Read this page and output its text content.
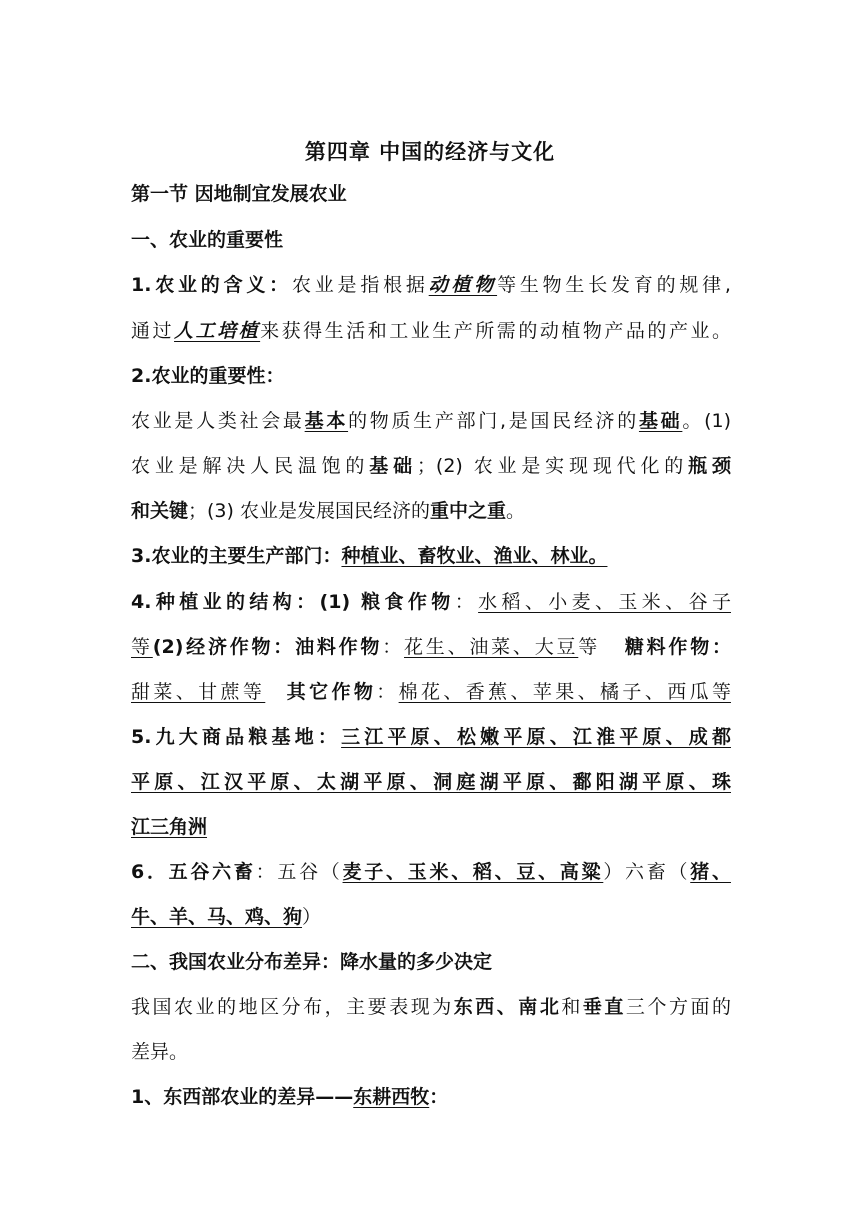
第四章 中国的经济与文化
第一节 因地制宜发展农业
一、农业的重要性
1.农业的含义：农业是指根据动植物等生物生长发育的规律,
通过人工培植来获得生活和工业生产所需的动植物产品的产业。
2.农业的重要性：
农业是人类社会最基本的物质生产部门,是国民经济的基础。(1)
农业是解决人民温饱的基础；(2) 农业是实现现代化的瓶颈
和关键；(3) 农业是发展国民经济的重中之重。
3.农业的主要生产部门：种植业、畜牧业、渔业、林业。
4.种植业的结构：(1) 粮食作物：水稻、小麦、玉米、谷子
等(2)经济作物：油料作物：花生、油菜、大豆等 糖料作物：
甜菜、甘蔗等 其它作物：棉花、香蕉、苹果、橘子、西瓜等
5.九大商品粮基地：三江平原、松嫩平原、江淮平原、成都
平原、江汉平原、太湖平原、洞庭湖平原、鄱阳湖平原、珠
江三角洲
6．五谷六畜：五谷（麦子、玉米、稻、豆、高粱）六畜（猪、
牛、羊、马、鸡、狗）
二、我国农业分布差异：降水量的多少决定
我国农业的地区分布，主要表现为东西、南北和垂直三个方面的
差异。
1、东西部农业的差异——东耕西牧：
